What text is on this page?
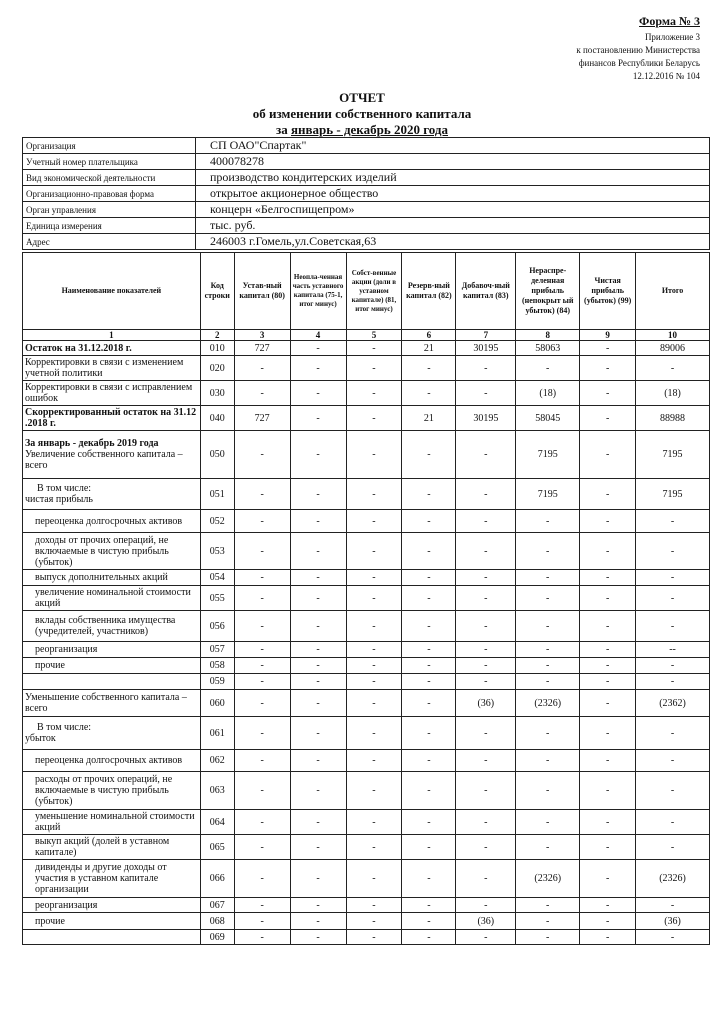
Форма № 3
Приложение 3
к постановлению Министерства
финансов Республики Беларусь
12.12.2016 № 104
ОТЧЕТ
об изменении собственного капитала
за январь - декабрь 2020 года
Организация	СП ОАО"Спартак"
Учетный номер плательщика	400078278
Вид экономической деятельности	производство кондитерских изделий
Организационно-правовая форма	открытое акционерное общество
Орган управления	концерн «Белгоспищепром»
Единица измерения	тыс. руб.
Адрес	246003 г.Гомель,ул.Советская,63
Наименование показателей	Код строки	Устав-ный капитал (80)	Неопла-ченная часть уставного капитала (75-1, итог минус)	Собст-венные акции (доли в уставном капитале) (81, итог минус)	Резерв-ный капитал (82)	Добавоч-ный капитал (83)	Нераспре-деленная прибыль (непокрыт ый убыток) (84)	Чистая прибыль (убыток) (99)	Итого
1	2	3	4	5	6	7	8	9	10
Остаток на 31.12.2018 г.	010	727	-	-	21	30195	58063	-	89006
Корректировки в связи с изменением учетной политики	020	-	-	-	-	-	-	-	-
Корректировки в связи с исправлением ошибок	030	-	-	-	-	-	(18)	-	(18)
Скорректированный остаток на 31.12 .2018 г.	040	727	-	-	21	30195	58045	-	88988

За январь - декабрь 2019 года
Увеличение собственного капитала – всего	050	-	-	-	-	-	7195	-	7195

В том числе:
чистая прибыль	051	-	-	-	-	-	7195	-	7195
переоценка долгосрочных активов	052	-	-	-	-	-	-	-	-
доходы от прочих операций, не включаемые в чистую прибыль (убыток)	053	-	-	-	-	-	-	-	-
выпуск дополнительных акций	054	-	-	-	-	-	-	-	-
увеличение номинальной стоимости акций	055	-	-	-	-	-	-	-	-
вклады собственника имущества (учредителей, участников)	056	-	-	-	-	-	-	-	-
реорганизация	057	-	-	-	-	-	-	-	--
прочие	058	-	-	-	-	-	-	-	-
	059	-	-	-	-	-	-	-	-
Уменьшение собственного капитала – всего	060	-	-	-	-	(36)	(2326)	-	(2362)

В том числе:
убыток	061	-	-	-	-	-	-	-	-
переоценка долгосрочных активов	062	-	-	-	-	-	-	-	-
расходы от прочих операций, не включаемые в чистую прибыль (убыток)	063	-	-	-	-	-	-	-	-
уменьшение номинальной стоимости акций	064	-	-	-	-	-	-	-	-
выкуп акций (долей в уставном капитале)	065	-	-	-	-	-	-	-	-
дивиденды и другие доходы от участия в уставном капитале организации	066	-	-	-	-	-	(2326)	-	(2326)
реорганизация	067	-	-	-	-	-	-	-	-
прочие	068	-	-	-	-	(36)	-	-	(36)
	069	-	-	-	-	-	-	-	-
